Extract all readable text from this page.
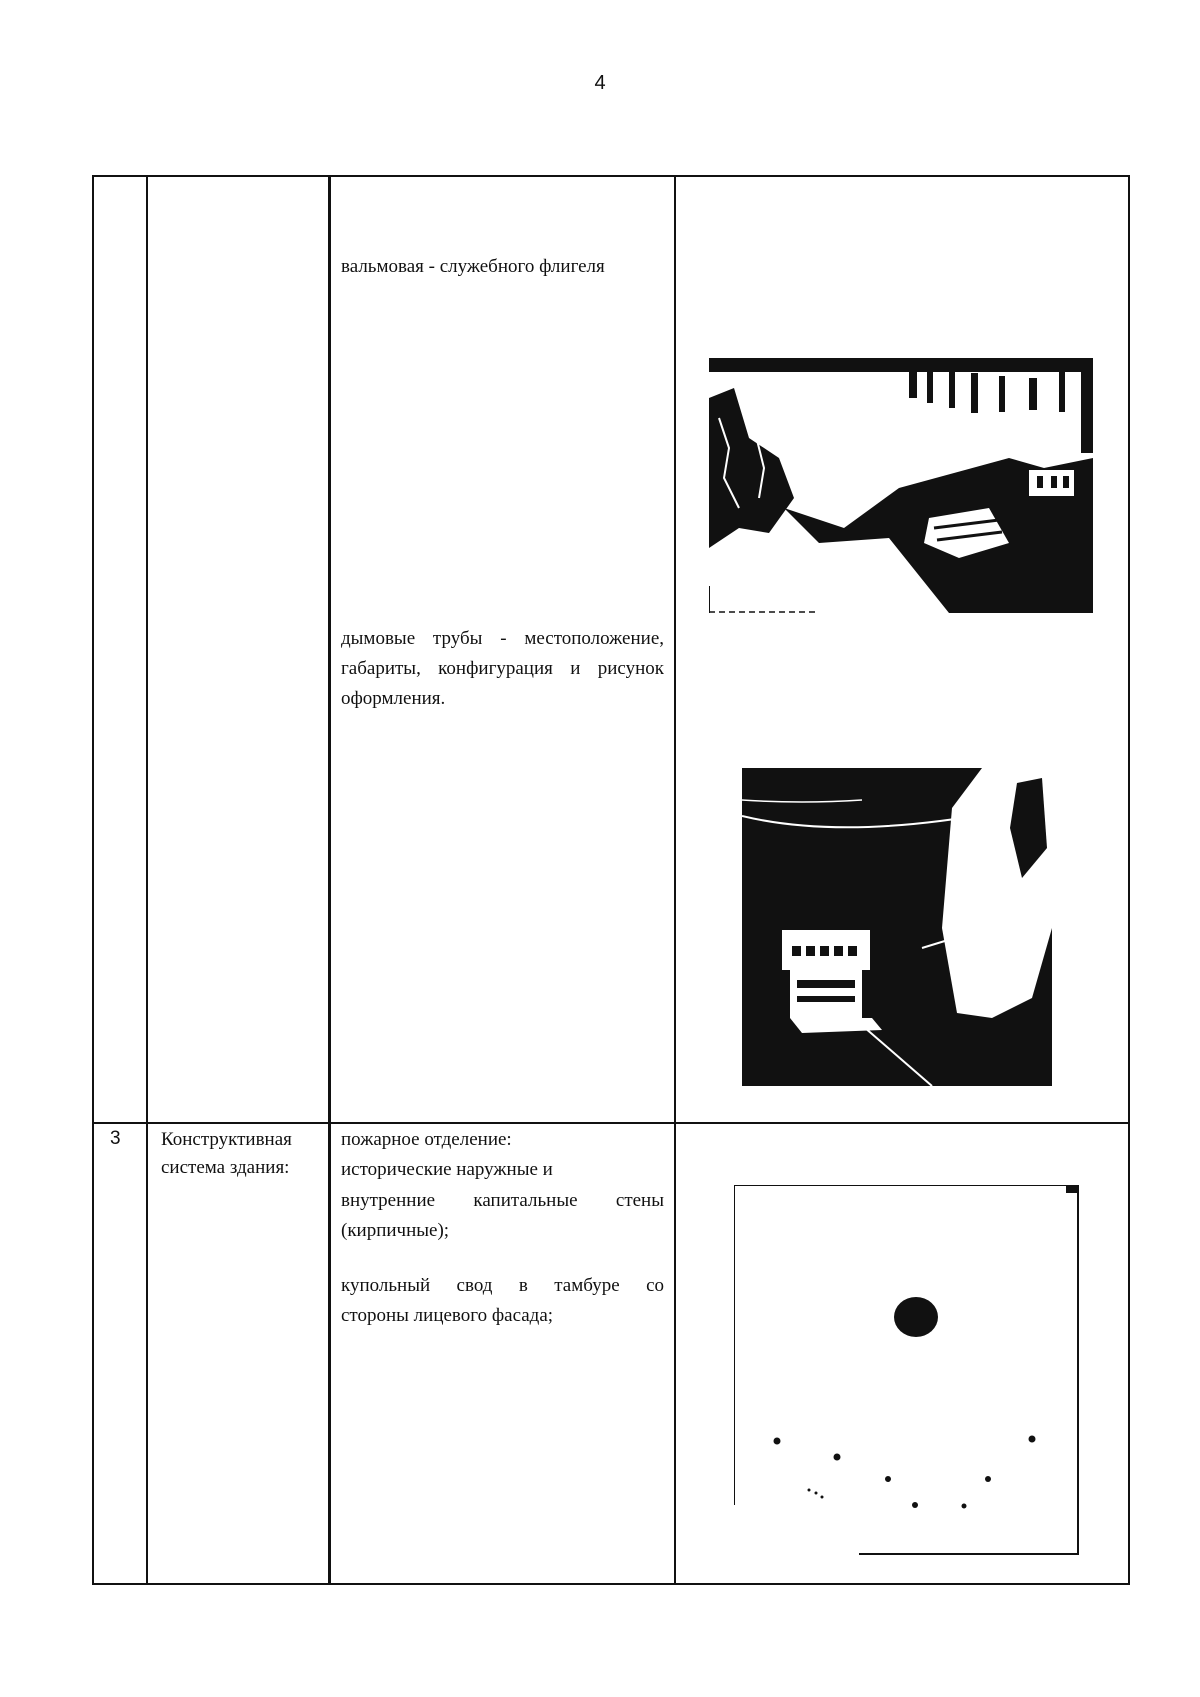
4
вальмовая - служебного флигеля
дымовые трубы - местоположение, габариты, конфигурация и рисунок оформления.
3 Конструктивная
система здания:
пожарное отделение:
исторические наружные и
внутренние капитальные стены
(кирпичные);
купольный свод в тамбуре со
стороны лицевого фасада;
